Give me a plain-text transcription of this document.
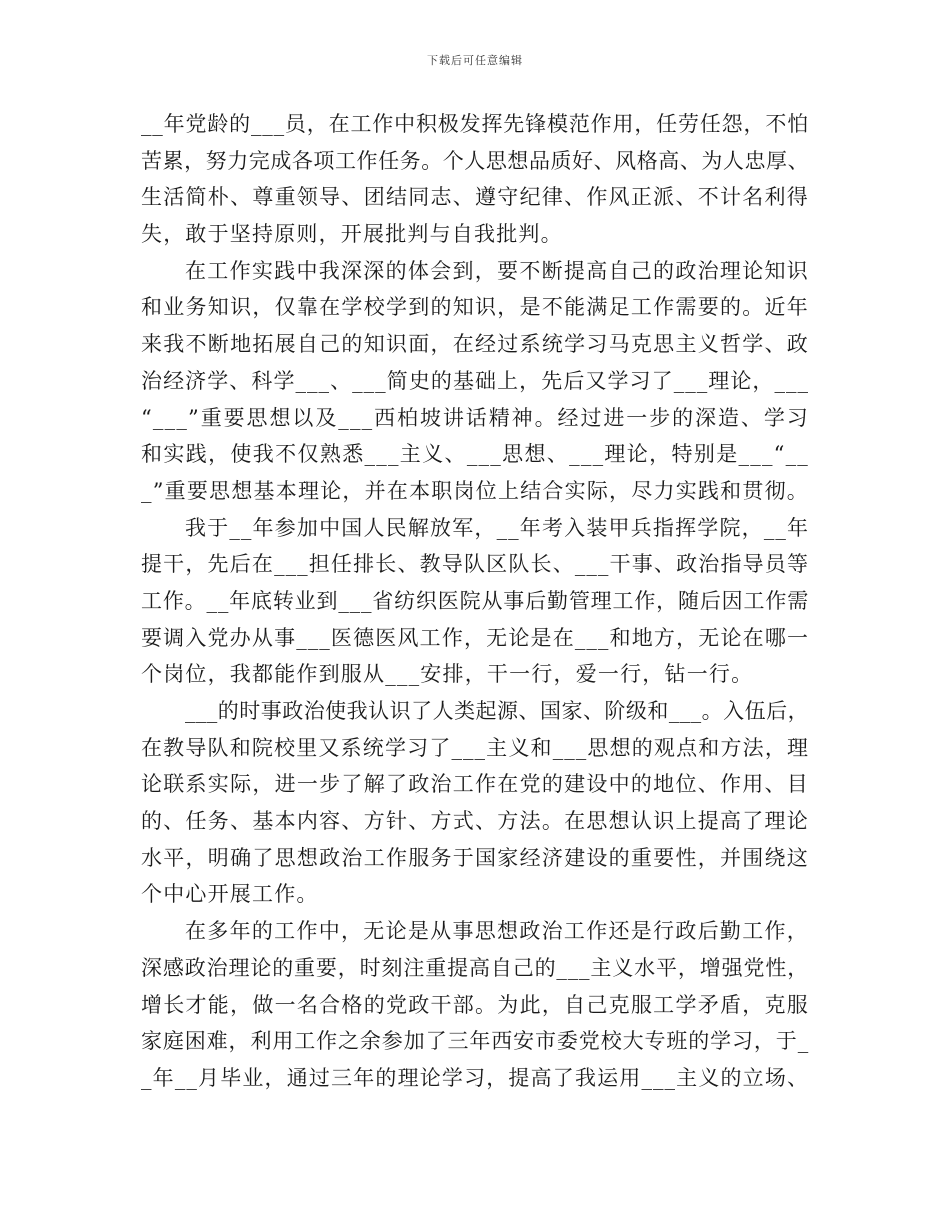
下载后可任意编辑
__年党龄的___员，在工作中积极发挥先锋模范作用，任劳任怨，不怕
苦累，努力完成各项工作任务。个人思想品质好、风格高、为人忠厚、
生活简朴、尊重领导、团结同志、遵守纪律、作风正派、不计名利得
失，敢于坚持原则，开展批判与自我批判。
在工作实践中我深深的体会到，要不断提高自己的政治理论知识
和业务知识，仅靠在学校学到的知识，是不能满足工作需要的。近年
来我不断地拓展自己的知识面，在经过系统学习马克思主义哲学、政
治经济学、科学___、___简史的基础上，先后又学习了___理论，___
“___”重要思想以及___西柏坡讲话精神。经过进一步的深造、学习
和实践，使我不仅熟悉___主义、___思想、___理论，特别是___“__
_”重要思想基本理论，并在本职岗位上结合实际，尽力实践和贯彻。
我于__年参加中国人民解放军，__年考入装甲兵指挥学院，__年
提干，先后在___担任排长、教导队区队长、___干事、政治指导员等
工作。__年底转业到___省纺织医院从事后勤管理工作，随后因工作需
要调入党办从事___医德医风工作，无论是在___和地方，无论在哪一
个岗位，我都能作到服从___安排，干一行，爱一行，钻一行。
___的时事政治使我认识了人类起源、国家、阶级和___。入伍后，
在教导队和院校里又系统学习了___主义和___思想的观点和方法，理
论联系实际，进一步了解了政治工作在党的建设中的地位、作用、目
的、任务、基本内容、方针、方式、方法。在思想认识上提高了理论
水平，明确了思想政治工作服务于国家经济建设的重要性，并围绕这
个中心开展工作。
在多年的工作中，无论是从事思想政治工作还是行政后勤工作，
深感政治理论的重要，时刻注重提高自己的___主义水平，增强党性，
增长才能，做一名合格的党政干部。为此，自己克服工学矛盾，克服
家庭困难，利用工作之余参加了三年西安市委党校大专班的学习，于_
_年__月毕业，通过三年的理论学习，提高了我运用___主义的立场、
